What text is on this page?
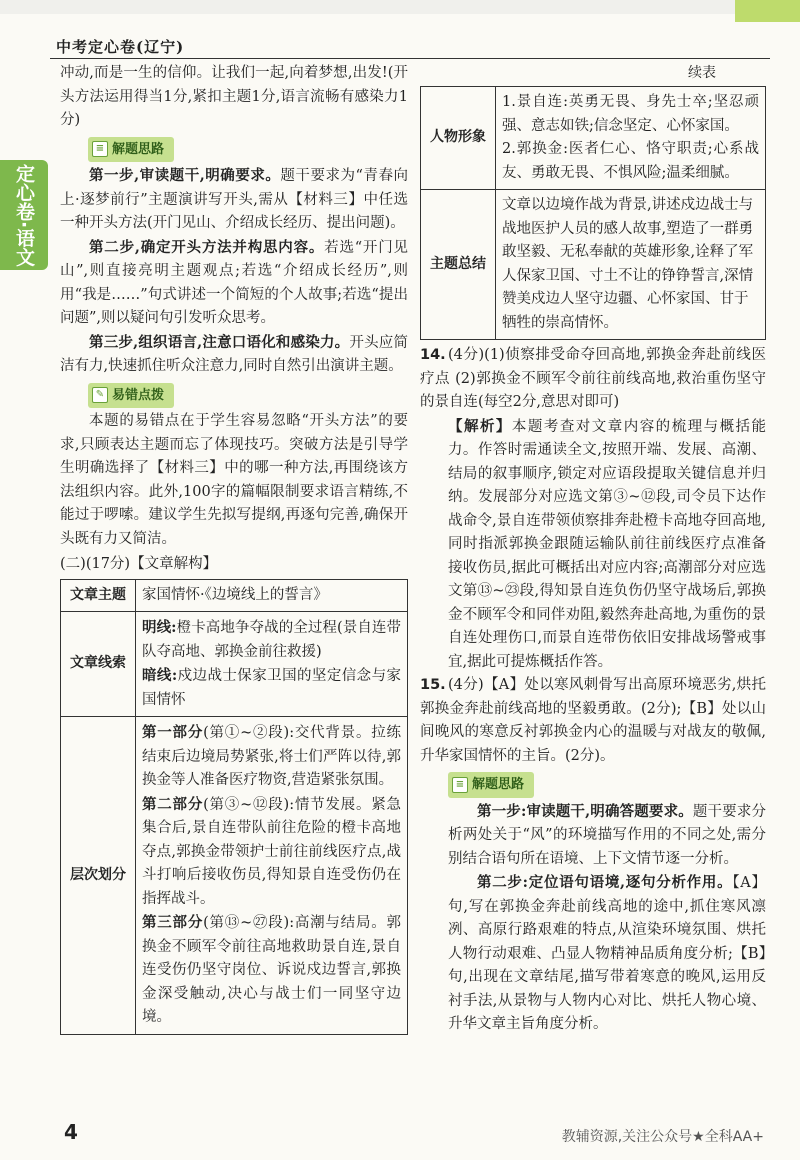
中考定心卷(辽宁)
定心卷·语文

冲动,而是一生的信仰。让我们一起,向着梦想,出发!(开头方法运用得当1分,紧扣主题1分,语言流畅有感染力1分)

≡ 解题思路

第一步,审读题干,明确要求。题干要求为“青春向上·逐梦前行”主题演讲写开头,需从【材料三】中任选一种开头方法(开门见山、介绍成长经历、提出问题)。

第二步,确定开头方法并构思内容。若选“开门见山”,则直接亮明主题观点;若选“介绍成长经历”,则用“我是……”句式讲述一个简短的个人故事;若选“提出问题”,则以疑问句引发听众思考。

第三步,组织语言,注意口语化和感染力。开头应简洁有力,快速抓住听众注意力,同时自然引出演讲主题。

✎ 易错点拨

本题的易错点在于学生容易忽略“开头方法”的要求,只顾表达主题而忘了体现技巧。突破方法是引导学生明确选择了【材料三】中的哪一种方法,再围绕该方法组织内容。此外,100字的篇幅限制要求语言精练,不能过于啰嗦。建议学生先拟写提纲,再逐句完善,确保开头既有力又简洁。

(二)(17分)【文章解构】

文章主题	家国情怀·《边境线上的誓言》
文章线索	明线:橙卡高地争夺战的全过程(景自连带队夺高地、郭换金前往救援)

暗线:戍边战士保家卫国的坚定信念与家国情怀

层次划分	第一部分(第①~②段):交代背景。拉练结束后边境局势紧张,将士们严阵以待,郭换金等人准备医疗物资,营造紧张氛围。

第二部分(第③~⑫段):情节发展。紧急集合后,景自连带队前往危险的橙卡高地夺点,郭换金带领护士前往前线医疗点,战斗打响后接收伤员,得知景自连受伤仍在指挥战斗。

第三部分(第⑬~㉗段):高潮与结局。郭换金不顾军令前往高地救助景自连,景自连受伤仍坚守岗位、诉说戍边誓言,郭换金深受触动,决心与战士们一同坚守边境。

续表
人物形象	1.景自连:英勇无畏、身先士卒;坚忍顽强、意志如铁;信念坚定、心怀家国。

2.郭换金:医者仁心、恪守职责;心系战友、勇敢无畏、不惧风险;温柔细腻。

主题总结	文章以边境作战为背景,讲述戍边战士与战地医护人员的感人故事,塑造了一群勇敢坚毅、无私奉献的英雄形象,诠释了军人保家卫国、寸土不让的铮铮誓言,深情赞美戍边人坚守边疆、心怀家国、甘于牺牲的崇高情怀。

14. (4分)(1)侦察排受命夺回高地,郭换金奔赴前线医疗点 (2)郭换金不顾军令前往前线高地,救治重伤坚守的景自连(每空2分,意思对即可)

【解析】本题考查对文章内容的梳理与概括能力。作答时需通读全文,按照开端、发展、高潮、结局的叙事顺序,锁定对应语段提取关键信息并归纳。发展部分对应选文第③~⑫段,司令员下达作战命令,景自连带领侦察排奔赴橙卡高地夺回高地,同时指派郭换金跟随运输队前往前线医疗点准备接收伤员,据此可概括出对应内容;高潮部分对应选文第⑬~㉓段,得知景自连负伤仍坚守战场后,郭换金不顾军令和同伴劝阻,毅然奔赴高地,为重伤的景自连处理伤口,而景自连带伤依旧安排战场警戒事宜,据此可提炼概括作答。

15. (4分)【A】处以寒风刺骨写出高原环境恶劣,烘托郭换金奔赴前线高地的坚毅勇敢。(2分);【B】处以山间晚风的寒意反衬郭换金内心的温暖与对战友的敬佩,升华家国情怀的主旨。(2分)。

≡ 解题思路

第一步:审读题干,明确答题要求。题干要求分析两处关于“风”的环境描写作用的不同之处,需分别结合语句所在语境、上下文情节逐一分析。

第二步:定位语句语境,逐句分析作用。【A】句,写在郭换金奔赴前线高地的途中,抓住寒风凛冽、高原行路艰难的特点,从渲染环境氛围、烘托人物行动艰难、凸显人物精神品质角度分析;【B】句,出现在文章结尾,描写带着寒意的晚风,运用反衬手法,从景物与人物内心对比、烘托人物心境、升华文章主旨角度分析。

4	教辅资源,关注公众号★全科AA+
